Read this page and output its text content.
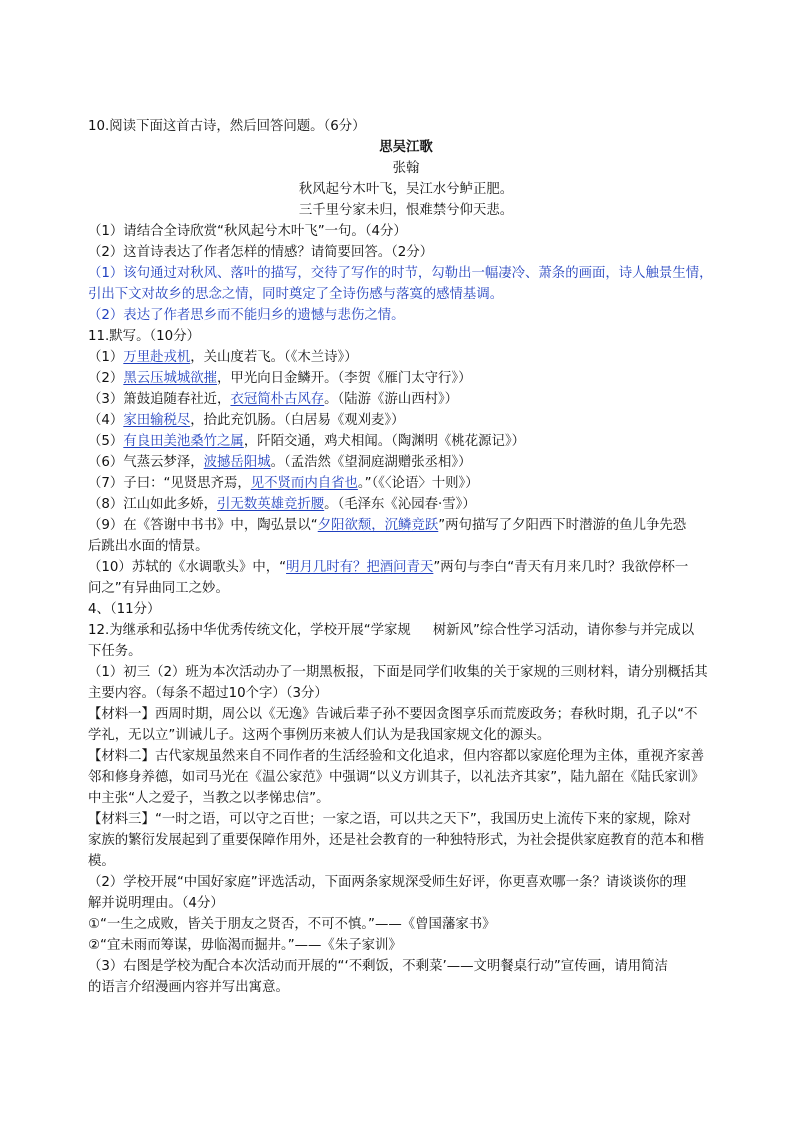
10.阅读下面这首古诗，然后回答问题。（6分）
思吴江歌
张翰
秋风起兮木叶飞，吴江水兮鲈正肥。
三千里兮家未归，恨难禁兮仰天悲。
（1）请结合全诗欣赏“秋风起兮木叶飞”一句。（4分）
（2）这首诗表达了作者怎样的情感？请简要回答。（2分）
（1）该句通过对秋风、落叶的描写，交待了写作的时节，勾勒出一幅凄冷、萧条的画面，诗人触景生情，
引出下文对故乡的思念之情，同时奠定了全诗伤感与落寞的感情基调。
（2）表达了作者思乡而不能归乡的遗憾与悲伤之情。
11.默写。（10分）
（1）万里赴戎机，关山度若飞。（《木兰诗》）
（2）黑云压城城欲摧，甲光向日金鳞开。（李贺《雁门太守行》）
（3）箫鼓追随春社近，衣冠简朴古风存。（陆游《游山西村》）
（4）家田输税尽，拾此充饥肠。（白居易《观刈麦》）
（5）有良田美池桑竹之属，阡陌交通，鸡犬相闻。（陶渊明《桃花源记》）
（6）气蒸云梦泽，波撼岳阳城。（孟浩然《望洞庭湖赠张丞相》）
（7）子曰：“见贤思齐焉，见不贤而内自省也。”（《〈论语〉十则》）
（8）江山如此多娇，引无数英雄竞折腰。（毛泽东《沁园春·雪》）
（9）在《答谢中书书》中，陶弘景以“夕阳欲颓，沉鳞竞跃”两句描写了夕阳西下时潜游的鱼儿争先恐
后跳出水面的情景。
（10）苏轼的《水调歌头》中，“明月几时有？把酒问青天”两句与李白“青天有月来几时？我欲停杯一
问之”有异曲同工之妙。
4、（11分）
12.为继承和弘扬中华优秀传统文化，学校开展“学家规 树新风”综合性学习活动，请你参与并完成以
下任务。
（1）初三（2）班为本次活动办了一期黑板报，下面是同学们收集的关于家规的三则材料，请分别概括其
主要内容。（每条不超过10个字）（3分）
【材料一】西周时期，周公以《无逸》告诫后辈子孙不要因贪图享乐而荒废政务；春秋时期，孔子以“不
学礼，无以立”训诫儿子。这两个事例历来被人们认为是我国家规文化的源头。
【材料二】古代家规虽然来自不同作者的生活经验和文化追求，但内容都以家庭伦理为主体，重视齐家善
邻和修身养德，如司马光在《温公家范》中强调“以义方训其子，以礼法齐其家”，陆九韶在《陆氏家训》
中主张“人之爱子，当教之以孝悌忠信”。
【材料三】“一时之语，可以守之百世；一家之语，可以共之天下”，我国历史上流传下来的家规，除对
家族的繁衍发展起到了重要保障作用外，还是社会教育的一种独特形式，为社会提供家庭教育的范本和楷
模。
（2）学校开展“中国好家庭”评选活动，下面两条家规深受师生好评，你更喜欢哪一条？请谈谈你的理
解并说明理由。（4分）
①“一生之成败，皆关于朋友之贤否，不可不慎。”——《曾国藩家书》
②“宜未雨而筹谋，毋临渴而掘井。”——《朱子家训》
（3）右图是学校为配合本次活动而开展的“‘不剩饭，不剩菜’——文明餐桌行动”宣传画，请用简洁
的语言介绍漫画内容并写出寓意。
